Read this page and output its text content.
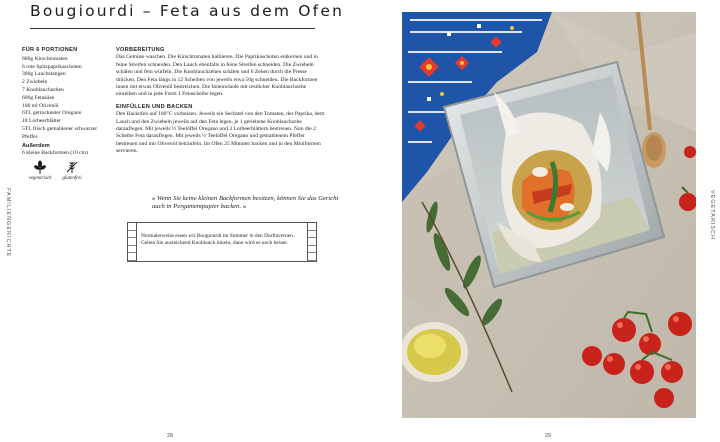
Bougiourdi – Feta aus dem Ofen
FAMILIENGERICHTE
FÜR 6 PORTIONEN
600g Kirschtomaten
6 rote Spitzpaprikaschoten
300g Lauchstangen
2 Zwiebeln
7 Knoblauchzehen
600g Fetakäse
100 ml Olivenöl
6TL getrockneter Oregano
18 Lorbeerblätter
5TL frisch gemahlener schwarzer Pfeffer
Außerdem
6 kleine Backformen (10 cm)
vegetarisch	glutenfrei
VORBEREITUNG

Das Gemüse waschen. Die Kirschtomaten halbieren. Die Paprikaschoten entkernen und in feine Streifen schneiden. Den Lauch ebenfalls in feine Streifen schneiden. Die Zwiebeln schälen und fein würfeln. Die Knoblauchzehen schälen und 6 Zehen durch die Presse drücken. Den Feta längs in 12 Scheiben von jeweils etwa 50g schneiden. Die Backformen innen mit etwas Olivenöl bestreichen. Die Innenwände mit restlicher Knoblauchzehe einreiben und in jede Form 1 Fetascheibe legen.

EINFÜLLEN UND BACKEN

Den Backofen auf 180°C vorheizen. Jeweils ein Sechstel von den Tomaten, der Paprika, dem Lauch und den Zwiebeln jeweils auf den Feta legen, je 1 geriebene Knoblauchzehe darauflegen. Mit jeweils ½ Teelöffel Oregano und 3 Lorbeerblättern bestreuen. Nun die 2. Scheibe Feta darauflegen. Mit jeweils ½ Teelöffel Oregano und gemahlenem Pfeffer bestreuen und mit Olivenöl beträufeln. Im Ofen 25 Minuten backen und in den Miniformen servieren.

» Wenn Sie keine kleinen Backformen besitzen, können Sie das Gericht auch in Pergamentpapier backen. «
Normalerweise essen wir Bougiourdi im Sommer in den Dorftavernen. Geben Sie ausreichend Knoblauch hinein, dann wird es noch besser.
28
VEGETARISCH
29
